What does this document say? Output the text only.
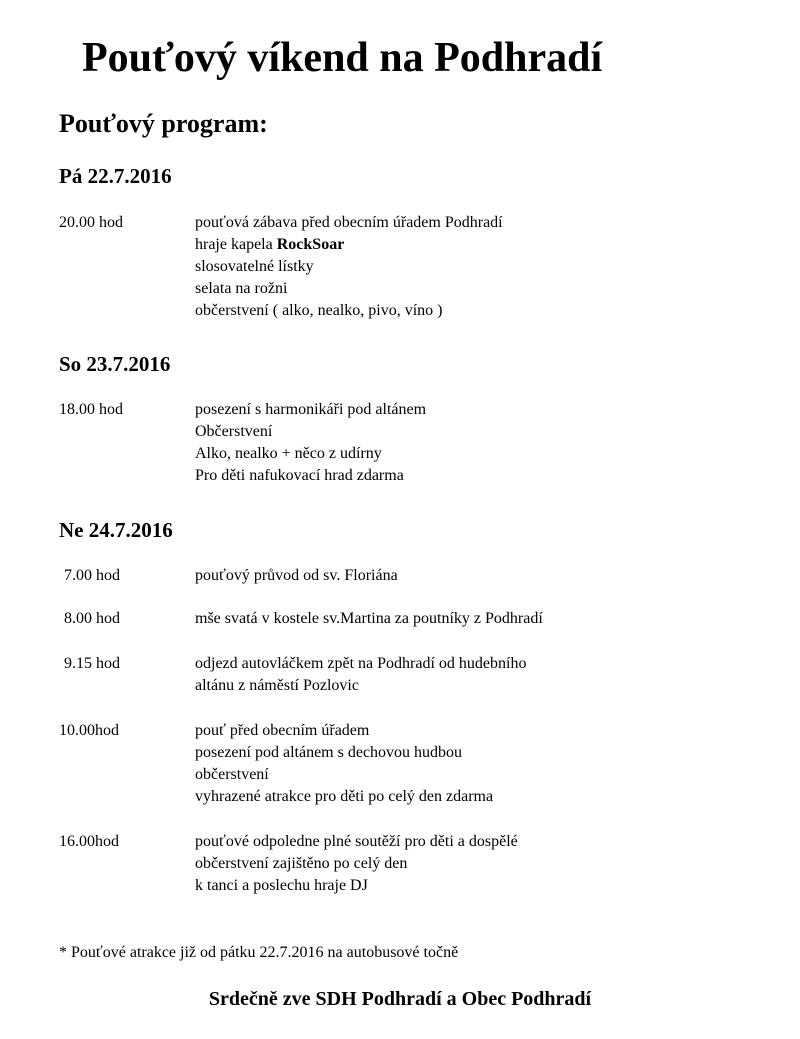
Pouťový víkend na Podhradí
Pouťový program:
Pá 22.7.2016
20.00 hod	pouťová zábava před obecním úřadem Podhradí
hraje kapela RockSoar
slosovatelné lístky
selata na rožni
občerstvení ( alko, nealko, pivo, víno )
So 23.7.2016
18.00 hod	posezení s harmonikáři pod altánem
Občerstvení
Alko, nealko + něco z udírny
Pro děti nafukovací hrad zdarma
Ne 24.7.2016
7.00 hod	pouťový průvod od sv. Floriána
8.00 hod	mše svatá v kostele sv.Martina za poutníky z Podhradí
9.15 hod	odjezd autovláčkem zpět na Podhradí od hudebního
altánu z náměstí Pozlovic
10.00hod	pouť před obecním úřadem
posezení pod altánem s dechovou hudbou
občerstvení
vyhrazené atrakce pro děti po celý den zdarma
16.00hod	pouťové odpoledne plné soutěží pro děti a dospělé
občerstvení zajištěno po celý den
k tanci a poslechu hraje DJ
* Pouťové atrakce již od pátku 22.7.2016 na autobusové točně
Srdečně zve SDH Podhradí a Obec Podhradí
